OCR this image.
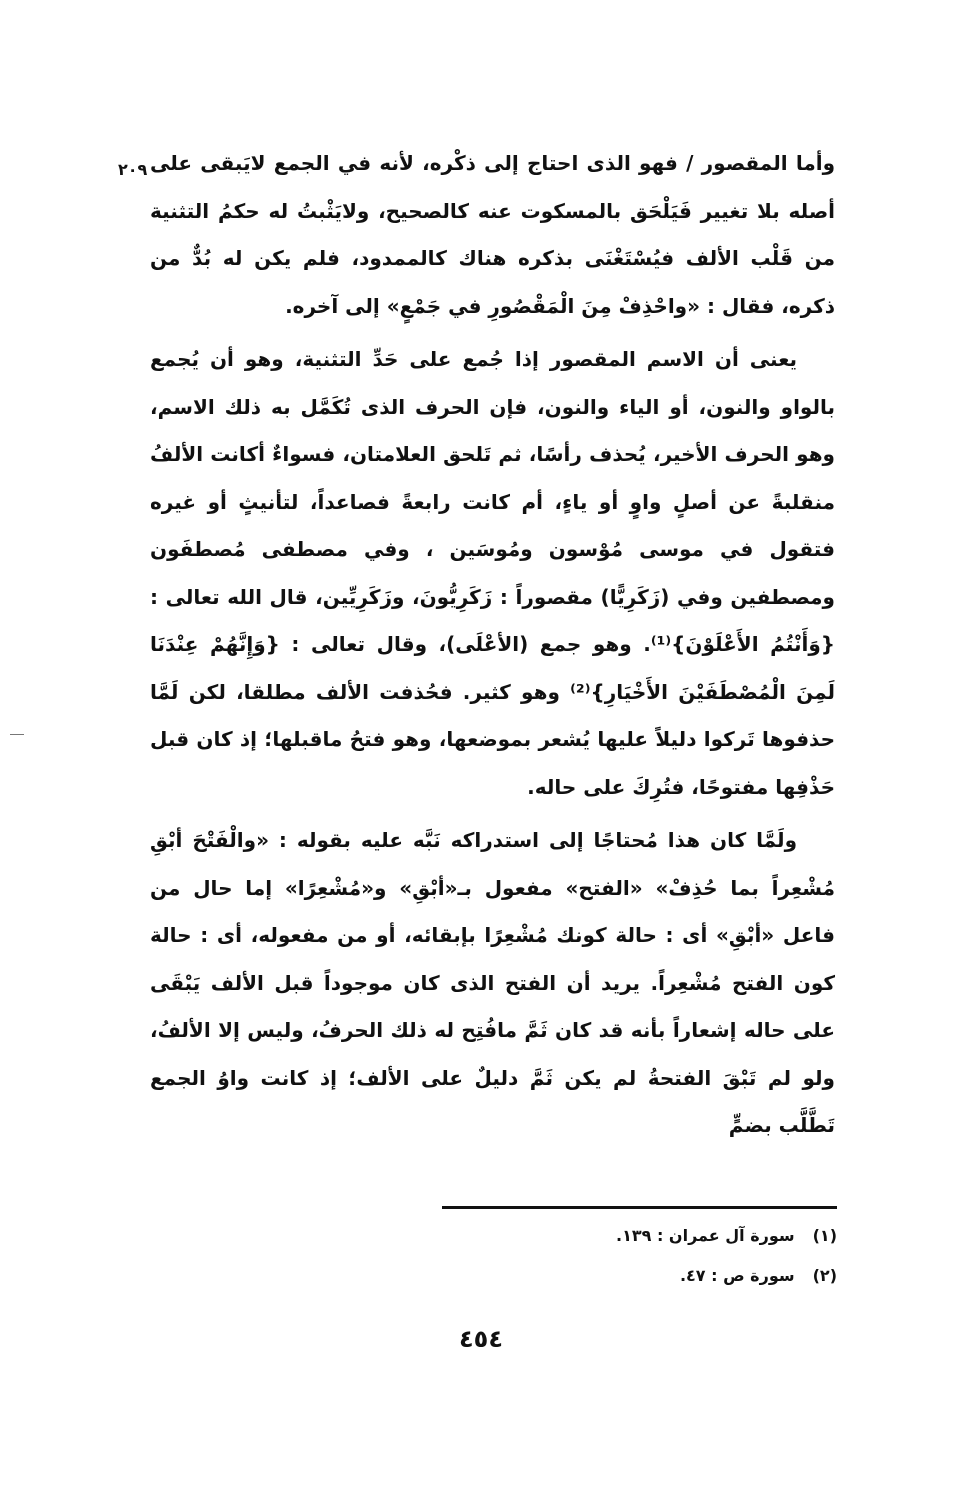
٢٠٩ وأما المقصور / فهو الذى احتاج إلى ذكْره، لأنه في الجمع لايَبقى على أصله بلا تغيير فَيَلْحَق بالمسكوت عنه كالصحيح، ولايَثْبتُ له حكمُ التثنية من قَلْب الألف فيُسْتَغْنَى بذكره هناك كالممدود، فلم يكن له بُدٌّ من ذكره، فقال : «واحْذِفْ مِنَ الْمَقْصُورِ في جَمْعٍ» إلى آخره.

يعنى أن الاسم المقصور إذا جُمع على حَدِّ التثنية، وهو أن يُجمع بالواو والنون، أو الياء والنون، فإن الحرف الذى تُكَمَّل به ذلك الاسم، وهو الحرف الأخير، يُحذف رأسًا، ثم تَلحق العلامتان، فسواءٌ أكانت الألفُ منقلبةً عن أصلٍ واوٍ أو ياءٍ، أم كانت رابعةً فصاعداً، لتأنيثٍ أو غيره فتقول في موسى مُوْسون ومُوسَين ، وفي مصطفى مُصطفَون ومصطفين وفي (زَكَرِيًّا) مقصوراً : زَكَرِيُّونَ، وزَكَرِيِّين، قال الله تعالى : {وَأَنْتُمُ الأَعْلَوْنَ}⁽¹⁾. وهو جمع (الأعْلَى)، وقال تعالى : {وَإِنَّهُمْ عِنْدَنَا لَمِنَ الْمُصْطَفَيْنَ الأَخْيَارِ}⁽²⁾ وهو كثير. فحُذفت الألف مطلقا، لكن لَمَّا حذفوها تَركوا دليلاً عليها يُشعر بموضعها، وهو فتحُ ماقبلها؛ إذ كان قبل حَذْفِها مفتوحًا، فتُرِكَ على حاله.

ولَمَّا كان هذا مُحتاجًا إلى استدراكه نَبَّه عليه بقوله : «والْفَتْحَ أبْقِ مُشْعِراً بما حُذِفْ» «الفتح» مفعول بـ«أبْقِ» و«مُشْعِرًا» إما حال من فاعل «أبْقِ» أى : حالة كونك مُشْعِرًا بإبقائه، أو من مفعوله، أى : حالة كون الفتح مُشْعِراً. يريد أن الفتح الذى كان موجوداً قبل الألف يَبْقَى على حاله إشعاراً بأنه قد كان ثَمَّ مافُتِح له ذلك الحرفُ، وليس إلا الألفُ، ولو لم تَبْقَ الفتحةُ لم يكن ثَمَّ دليلٌ على الألف؛ إذ كانت واوُ الجمع تَطَّلَّب بضمٍّ

(١)
سورة آل عمران : ١٣٩.
(٢)
سورة ص : ٤٧.
٤٥٤
